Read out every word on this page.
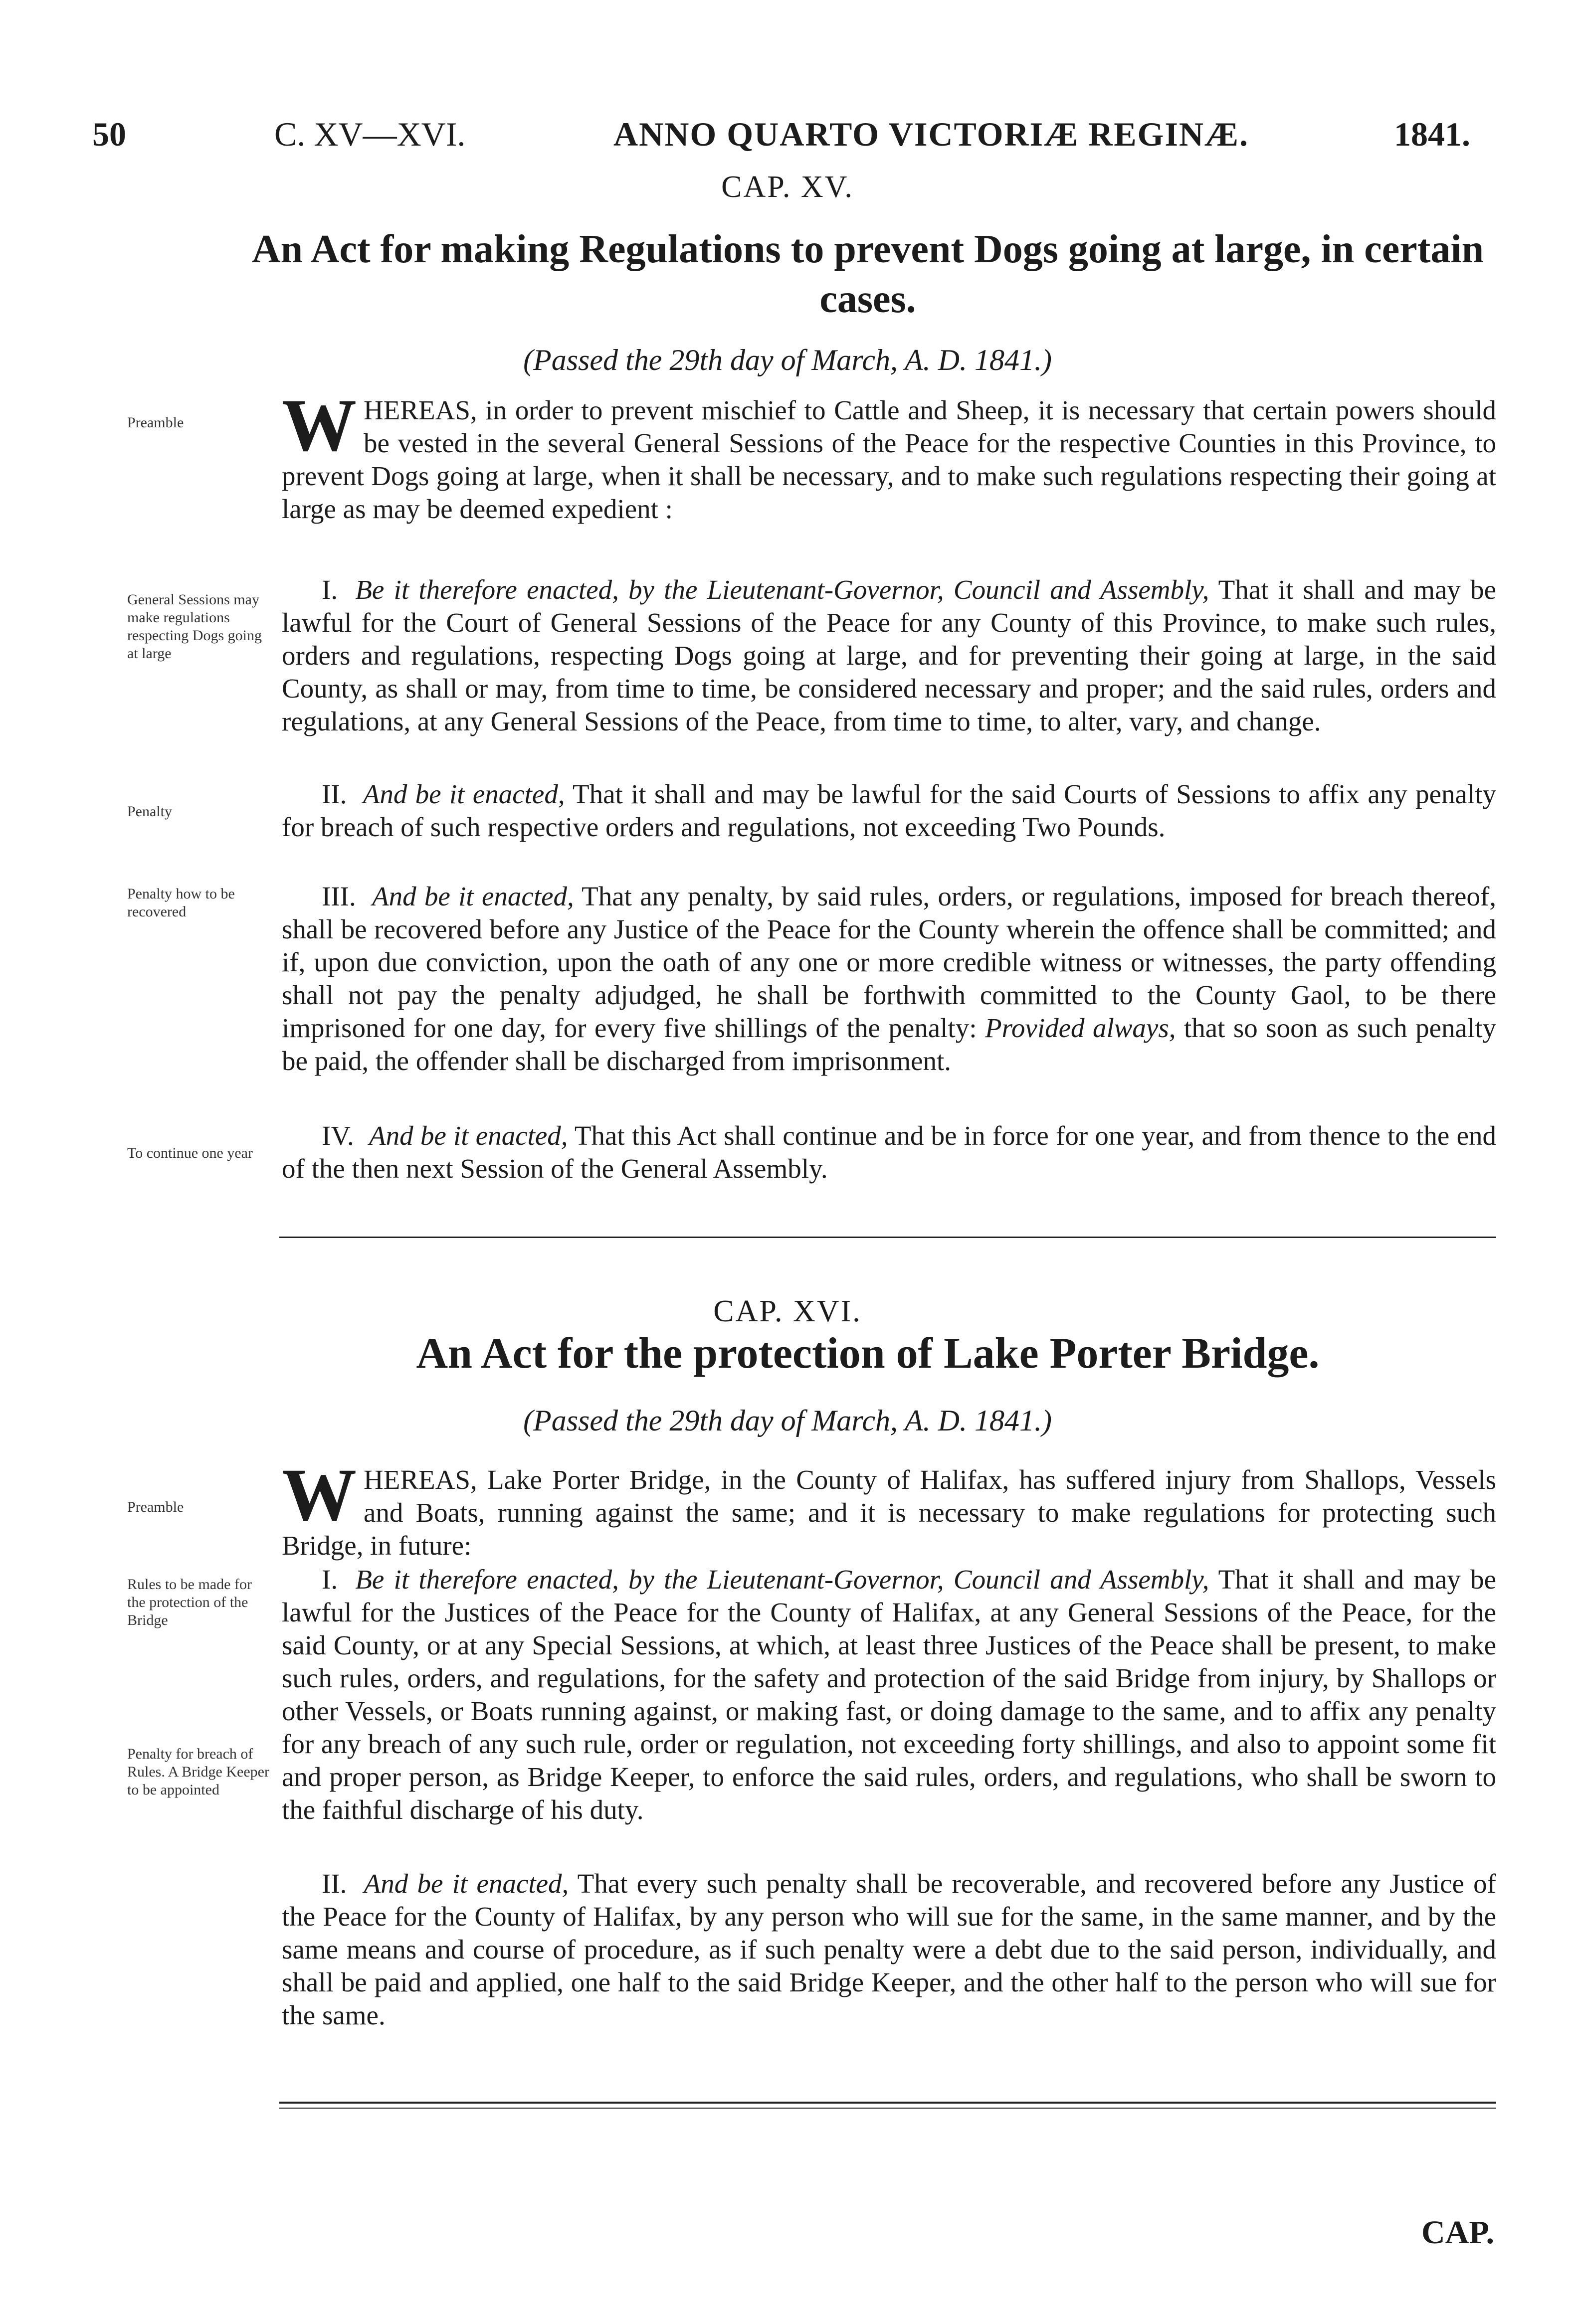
50	C. XV—XVI.	ANNO QUARTO VICTORIÆ REGINÆ.	1841.
CAP. XV.
An Act for making Regulations to prevent Dogs going at large, in certain cases.
(Passed the 29th day of March, A. D. 1841.)
Preamble	WHEREAS, in order to prevent mischief to Cattle and Sheep, it is necessary that certain powers should be vested in the several General Sessions of the Peace for the respective Counties in this Province, to prevent Dogs going at large, when it shall be necessary, and to make such regulations respecting their going at large as may be deemed expedient :
General Sessions may make regulations respecting Dogs going at large
I. Be it therefore enacted, by the Lieutenant-Governor, Council and Assembly, That it shall and may be lawful for the Court of General Sessions of the Peace for any County of this Province, to make such rules, orders and regulations, respecting Dogs going at large, and for preventing their going at large, in the said County, as shall or may, from time to time, be considered necessary and proper; and the said rules, orders and regulations, at any General Sessions of the Peace, from time to time, to alter, vary, and change.
Penalty
II. And be it enacted, That it shall and may be lawful for the said Courts of Sessions to affix any penalty for breach of such respective orders and regulations, not exceeding Two Pounds.
Penalty how to be recovered
III. And be it enacted, That any penalty, by said rules, orders, or regulations, imposed for breach thereof, shall be recovered before any Justice of the Peace for the County wherein the offence shall be committed; and if, upon due conviction, upon the oath of any one or more credible witness or witnesses, the party offending shall not pay the penalty adjudged, he shall be forthwith committed to the County Gaol, to be there imprisoned for one day, for every five shillings of the penalty: Provided always, that so soon as such penalty be paid, the offender shall be discharged from imprisonment.
To continue one year
IV. And be it enacted, That this Act shall continue and be in force for one year, and from thence to the end of the then next Session of the General Assembly.
CAP. XVI.
An Act for the protection of Lake Porter Bridge.
(Passed the 29th day of March, A. D. 1841.)
Preamble	WHEREAS, Lake Porter Bridge, in the County of Halifax, has suffered injury from Shallops, Vessels and Boats, running against the same; and it is necessary to make regulations for protecting such Bridge, in future:
Rules to be made for the protection of the Bridge
Penalty for breach of Rules. A Bridge Keeper to be appointed
I. Be it therefore enacted, by the Lieutenant-Governor, Council and Assembly, That it shall and may be lawful for the Justices of the Peace for the County of Halifax, at any General Sessions of the Peace, for the said County, or at any Special Sessions, at which, at least three Justices of the Peace shall be present, to make such rules, orders, and regulations, for the safety and protection of the said Bridge from injury, by Shallops or other Vessels, or Boats running against, or making fast, or doing damage to the same, and to affix any penalty for any breach of any such rule, order or regulation, not exceeding forty shillings, and also to appoint some fit and proper person, as Bridge Keeper, to enforce the said rules, orders, and regulations, who shall be sworn to the faithful discharge of his duty.
II. And be it enacted, That every such penalty shall be recoverable, and recovered before any Justice of the Peace for the County of Halifax, by any person who will sue for the same, in the same manner, and by the same means and course of procedure, as if such penalty were a debt due to the said person, individually, and shall be paid and applied, one half to the said Bridge Keeper, and the other half to the person who will sue for the same.
CAP.
